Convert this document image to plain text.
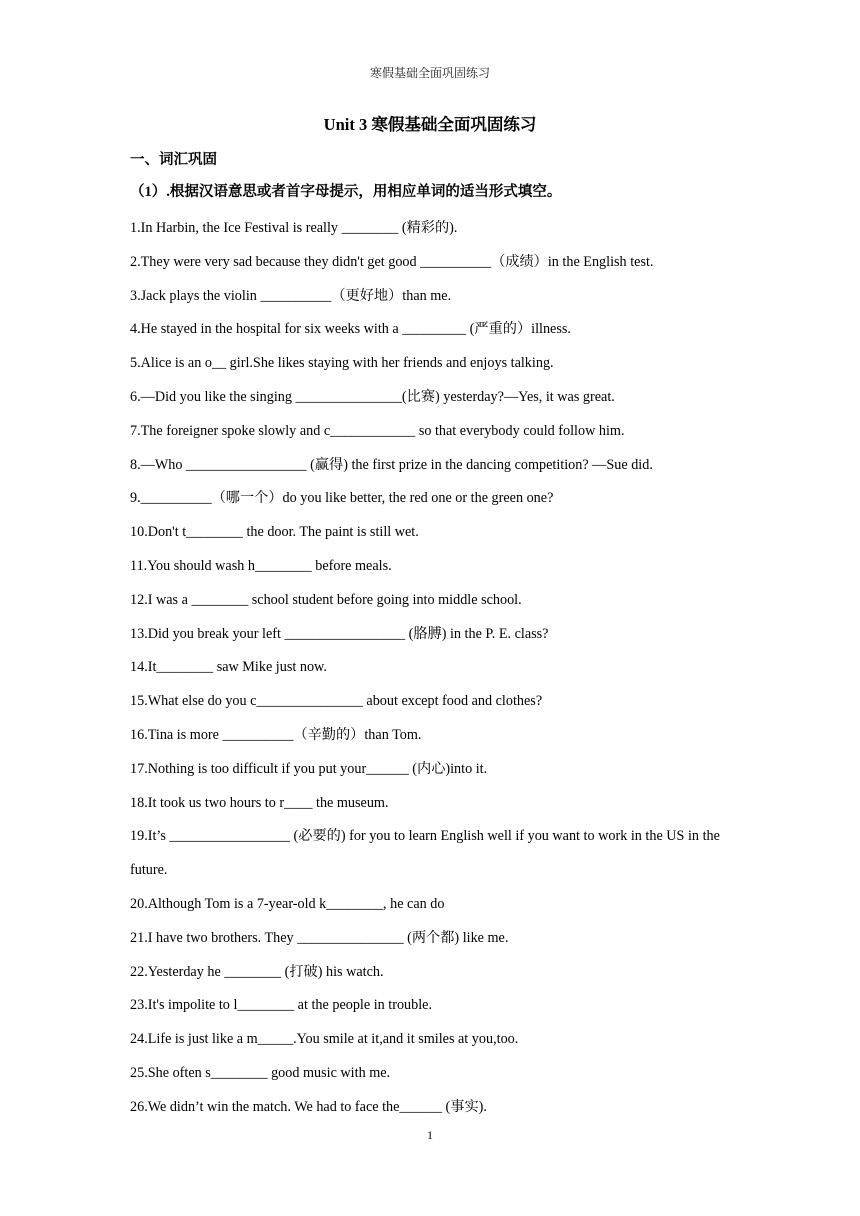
寒假基础全面巩固练习
Unit 3 寒假基础全面巩固练习
一、词汇巩固
（1）.根据汉语意思或者首字母提示，用相应单词的适当形式填空。
1.In Harbin, the Ice Festival is really ________ (精彩的).
2.They were very sad because they didn't get good __________（成绩）in the English test.
3.Jack plays the violin __________（更好地）than me.
4.He stayed in the hospital for six weeks with a _________ (严重的）illness.
5.Alice is an o__ girl.She likes staying with her friends and enjoys talking.
6.—Did you like the singing _______________(比赛) yesterday?—Yes, it was great.
7.The foreigner spoke slowly and c____________ so that everybody could follow him.
8.—Who _________________ (赢得) the first prize in the dancing competition? —Sue did.
9.__________（哪一个）do you like better, the red one or the green one?
10.Don't t________ the door. The paint is still wet.
11.You should wash h________ before meals.
12.I was a ________ school student before going into middle school.
13.Did you break your left _________________ (胳膊) in the P. E. class?
14.It________ saw Mike just now.
15.What else do you c_______________ about except food and clothes?
16.Tina is more __________（辛勤的）than Tom.
17.Nothing is too difficult if you put your______ (内心)into it.
18.It took us two hours to r____ the museum.
19.It’s _________________ (必要的) for you to learn English well if you want to work in the US in the future.
20.Although Tom is a 7-year-old k________, he can do
21.I have two brothers. They _______________ (两个都) like me.
22.Yesterday he ________ (打破) his watch.
23.It's impolite to l________ at the people in trouble.
24.Life is just like a m_____.You smile at it,and it smiles at you,too.
25.She often s________ good music with me.
26.We didn’t win the match. We had to face the______ (事实).
1
